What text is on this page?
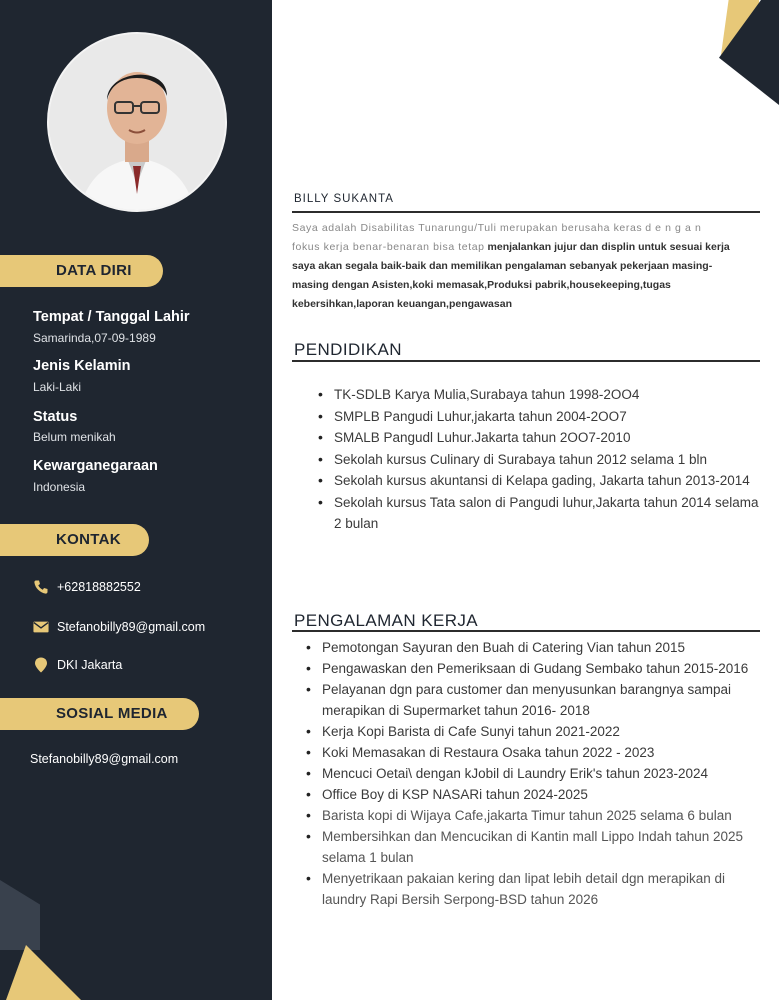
DATA DIRI
Tempat / Tanggal Lahir
Samarinda,07-09-1989
Jenis Kelamin
Laki-Laki
Status
Belum menikah
Kewarganegaraan
Indonesia
KONTAK
+62818882552
Stefanobilly89@gmail.com
DKI Jakarta
SOSIAL MEDIA
Stefanobilly89@gmail.com
BILLY SUKANTA
Saya adalah Disabilitas Tunarungu/Tuli merupakan berusaha keras d e n g a n fokus kerja benar-benaran bisa tetap menjalankan jujur dan displin untuk sesuai kerja saya akan segala baik-baik dan memilikan pengalaman sebanyak pekerjaan masing-masing dengan Asisten,koki memasak,Produksi pabrik,housekeeping,tugas kebersihkan,laporan keuangan,pengawasan
PENDIDIKAN
• TK-SDLB Karya Mulia,Surabaya tahun 1998-2OO4
• SMPLB Pangudi Luhur,jakarta tahun 2004-2OO7
• SMALB Pangudl Luhur.Jakarta tahun 2OO7-2010
• Sekolah kursus Culinary di Surabaya tahun 2012 selama 1 bln
• Sekolah kursus akuntansi di Kelapa gading, Jakarta tahun 2013-2014
• Sekolah kursus Tata salon di Pangudi luhur,Jakarta tahun 2014 selama 2 bulan
PENGALAMAN KERJA
• Pemotongan Sayuran den Buah di Catering Vian tahun 2015
• Pengawaskan den Pemeriksaan di Gudang Sembako tahun 2015-2016
• Pelayanan dgn para customer dan menyusunkan barangnya sampai merapikan di Supermarket tahun 2016- 2018
• Kerja Kopi Barista di Cafe Sunyi tahun 2021-2022
• Koki Memasakan di Restaura Osaka tahun 2022 - 2023
• Mencuci Oetai\ dengan kJobil di Laundry Erik's tahun 2023-2024
• Office Boy di KSP NASARi tahun 2024-2025
• Barista kopi di Wijaya Cafe,jakarta Timur tahun 2025 selama 6 bulan
• Membersihkan dan Mencucikan di Kantin mall Lippo Indah tahun 2025 selama 1 bulan
• Menyetrikaan pakaian kering dan lipat lebih detail dgn merapikan di laundry Rapi Bersih Serpong-BSD tahun 2026
